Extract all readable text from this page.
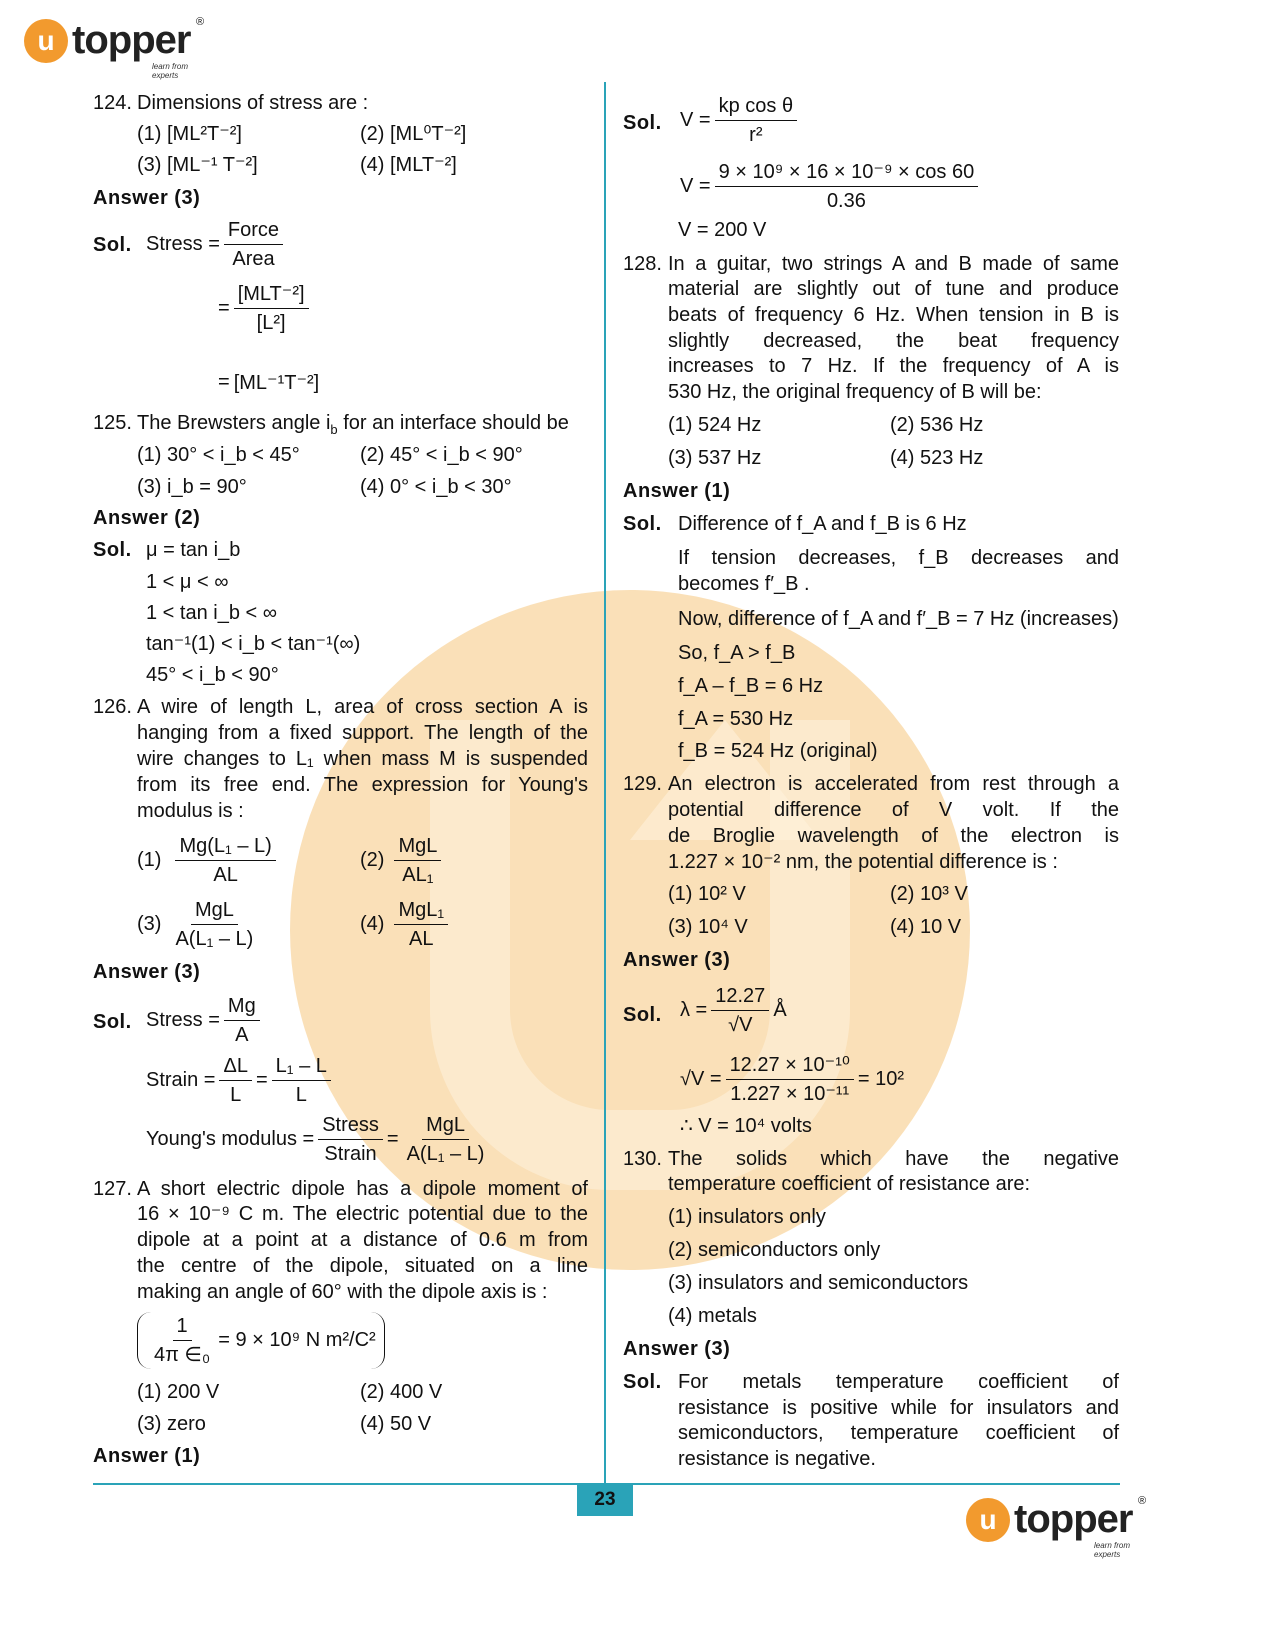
u topper ®
learn from experts
124. Dimensions of stress are :
(1) [ML²T⁻²]	(2) [ML⁰T⁻²]
(3) [ML⁻¹ T⁻²]	(4) [MLT⁻²]
Answer (3)
Sol. Stress = $\frac{\text{Force}}{\text{Area}}$
= $\frac{\text{[MLT⁻²]}}{\text{[L²]}}$
= [ML⁻¹T⁻²]
125. The Brewsters angle $i_b$ for an interface should be
(1) 30° < i_b < 45°	(2) 45° < i_b < 90°
(3) i_b = 90°	(4) 0° < i_b < 30°
Answer (2)
Sol. μ = tan i_b
1 < μ < ∞
1 < tan i_b < ∞
tan⁻¹(1) < i_b < tan⁻¹(∞)
45° < i_b < 90°
126. A wire of length L, area of cross section A is
hanging from a fixed support. The length of the
wire changes to L₁ when mass M is suspended
from its free end. The expression for Young's
modulus is :
$(1) \frac{\text{Mg(L₁ – L)}}{AL}$	$(2) \frac{\text{MgL}}{\text{AL₁}}$
$(3) \frac{\text{MgL}}{\text{A(L₁ – L)}}$	$(4) \frac{\text{MgL₁}}{AL}$
Answer (3)
Sol. Stress = $\frac{Mg}{A}$
Strain = $\frac{\Delta L}{L} = \frac{\text{L₁ – L}}{L}$
Young's modulus = $\frac{\text{Stress}}{\text{Strain}} = \frac{\text{MgL}}{\text{A(L₁ – L)}}$
127. A short electric dipole has a dipole moment of
16 × 10⁻⁹ C m. The electric potential due to the
dipole at a point at a distance of 0.6 m from
the centre of the dipole, situated on a line
making an angle of 60° with the dipole axis is :
$\frac{1}{\text{4π ∈₀}} = 9 \times 10^9$ N m²/C²
(1) 200 V	(2) 400 V
(3) zero	(4) 50 V
Answer (1)
Sol. $V = \frac{\text{kp cos θ}}{\text{r²}}$
$V = \frac{\text{9 × 10⁹ × 16 × 10⁻⁹ × cos 60}}{0.36}$
V = 200 V
128. In a guitar, two strings A and B made of same
material are slightly out of tune and produce
beats of frequency 6 Hz. When tension in B is
slightly decreased, the beat frequency
increases to 7 Hz. If the frequency of A is
530 Hz, the original frequency of B will be:
(1) 524 Hz	(2) 536 Hz
(3) 537 Hz	(4) 523 Hz
Answer (1)
Sol. Difference of f_A and f_B is 6 Hz
If tension decreases, f_B decreases and
becomes f′_B .
Now, difference of f_A and f′_B = 7 Hz (increases)
So, f_A > f_B
f_A – f_B = 6 Hz
f_A = 530 Hz
f_B = 524 Hz (original)
129. An electron is accelerated from rest through a
potential difference of V volt. If the
de Broglie wavelength of the electron is
1.227 × 10⁻² nm, the potential difference is :
(1) 10² V	(2) 10³ V
(3) 10⁴ V	(4) 10 V
Answer (3)
Sol. $\lambda = \frac{12.27}{√V}$ Å
$√V = \frac{\text{12.27 × 10⁻¹⁰}}{\text{1.227 × 10⁻¹¹}} = 10^2$
∴ V = 10⁴ volts
130. The solids which have the negative
temperature coefficient of resistance are:
(1) insulators only
(2) semiconductors only
(3) insulators and semiconductors
(4) metals
Answer (3)
Sol. For metals temperature coefficient of
resistance is positive while for insulators and
semiconductors, temperature coefficient of
resistance is negative.
23
u topper ®
learn from experts
